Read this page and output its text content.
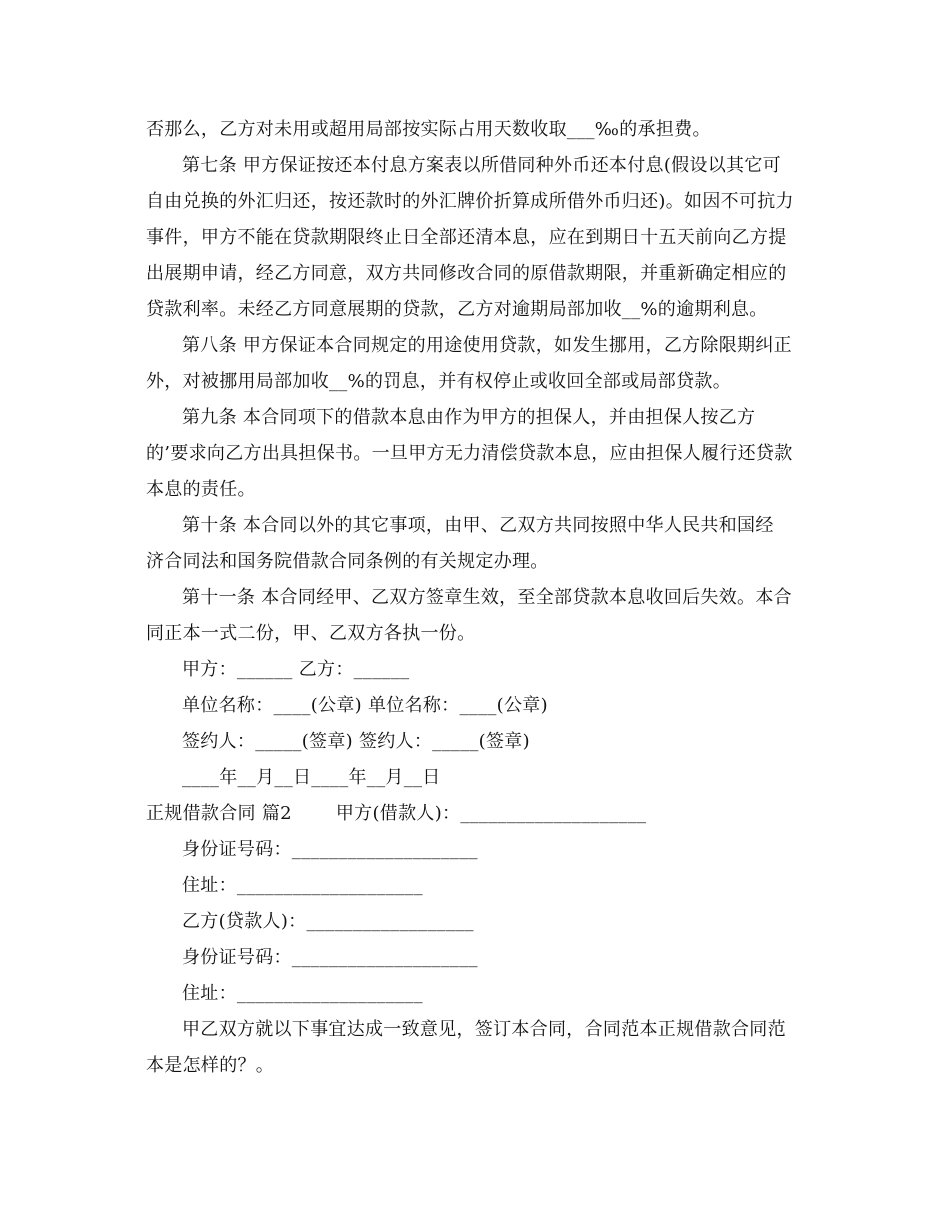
否那么，乙方对未用或超用局部按实际占用天数收取___‰的承担费。
第七条 甲方保证按还本付息方案表以所借同种外币还本付息(假设以其它可
自由兑换的外汇归还，按还款时的外汇牌价折算成所借外币归还)。如因不可抗力
事件，甲方不能在贷款期限终止日全部还清本息，应在到期日十五天前向乙方提
出展期申请，经乙方同意，双方共同修改合同的原借款期限，并重新确定相应的
贷款利率。未经乙方同意展期的贷款，乙方对逾期局部加收__%的逾期利息。
第八条 甲方保证本合同规定的用途使用贷款，如发生挪用，乙方除限期纠正
外，对被挪用局部加收__%的罚息，并有权停止或收回全部或局部贷款。
第九条 本合同项下的借款本息由作为甲方的担保人，并由担保人按乙方
的’要求向乙方出具担保书。一旦甲方无力清偿贷款本息，应由担保人履行还贷款
本息的责任。
第十条 本合同以外的其它事项，由甲、乙双方共同按照中华人民共和国经
济合同法和国务院借款合同条例的有关规定办理。
第十一条 本合同经甲、乙双方签章生效，至全部贷款本息收回后失效。本合
同正本一式二份，甲、乙双方各执一份。
甲方：______ 乙方：______
单位名称：____(公章) 单位名称：____(公章)
签约人：_____(签章) 签约人：_____(签章)
____年__月__日____年__月__日
正规借款合同 篇2 甲方(借款人)：____________________
身份证号码：____________________
住址：____________________
乙方(贷款人)：__________________
身份证号码：____________________
住址：____________________
甲乙双方就以下事宜达成一致意见，签订本合同，合同范本正规借款合同范
本是怎样的？。
